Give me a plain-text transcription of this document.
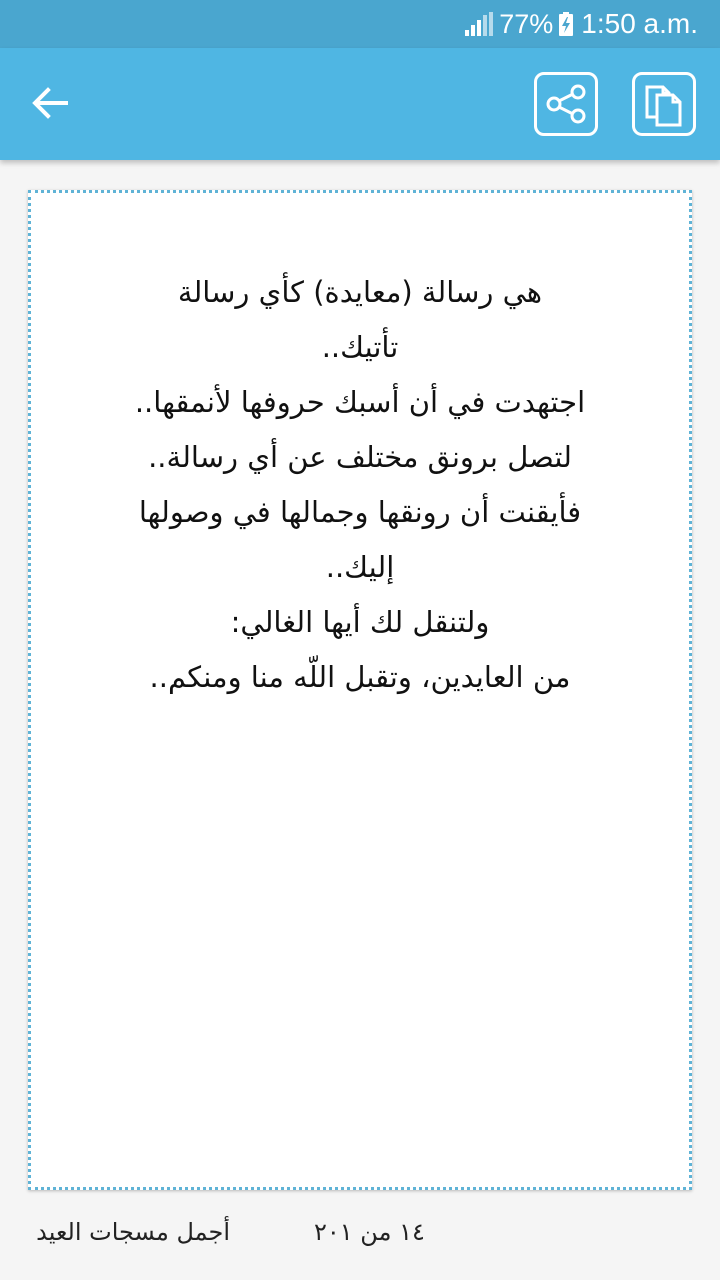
77% 1:50 a.m.
هي رسالة (معايدة) كأي رسالة
تأتيك..
اجتهدت في أن أسبك حروفها لأنمقها..
لتصل برونق مختلف عن أي رسالة..
فأيقنت أن رونقها وجمالها في وصولها
إليك..
ولتنقل لك أيها الغالي:
من العايدين، وتقبل اللّه منا ومنكم..
١٤ من ٢٠١
أجمل مسجات العيد
